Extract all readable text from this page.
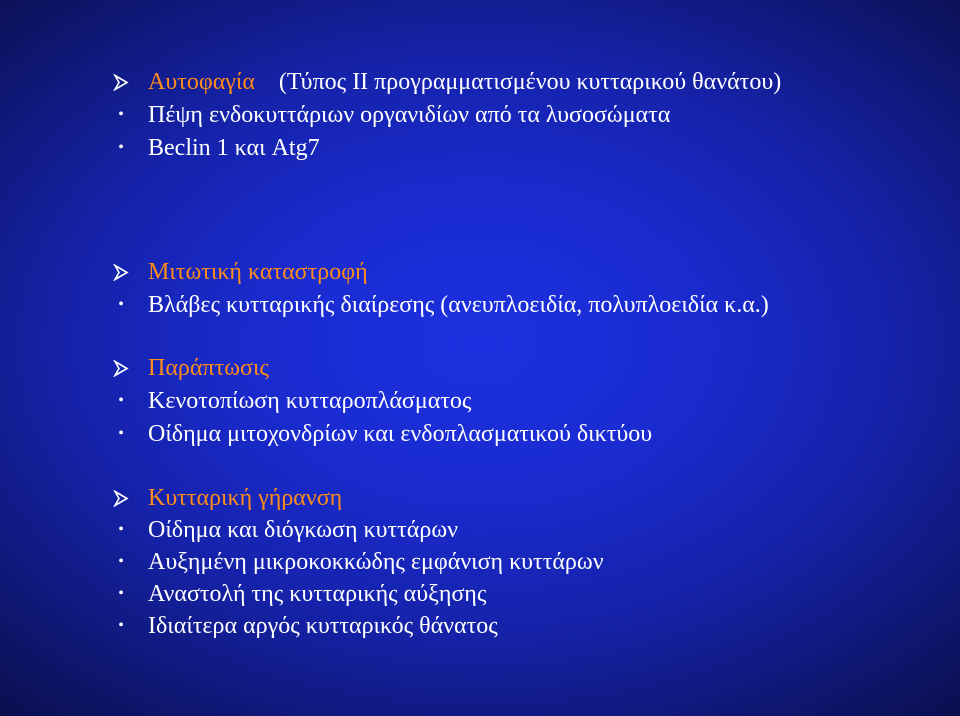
Αυτοφαγία (Τύπος ΙΙ προγραμματισμένου κυτταρικού θανάτου)
• Πέψη ενδοκυττάριων οργανιδίων από τα λυσοσώματα
• Beclin 1 και Atg7
Μιτωτική καταστροφή
• Βλάβες κυτταρικής διαίρεσης (ανευπλοειδία, πολυπλοειδία κ.α.)
Παράπτωσις
• Κενοτοπίωση κυτταροπλάσματος
• Οίδημα μιτοχονδρίων και ενδοπλασματικού δικτύου
Κυτταρική γήρανση
• Οίδημα και διόγκωση κυττάρων
• Αυξημένη μικροκοκκώδης εμφάνιση κυττάρων
• Αναστολή της κυτταρικής αύξησης
• Ιδιαίτερα αργός κυτταρικός θάνατος
